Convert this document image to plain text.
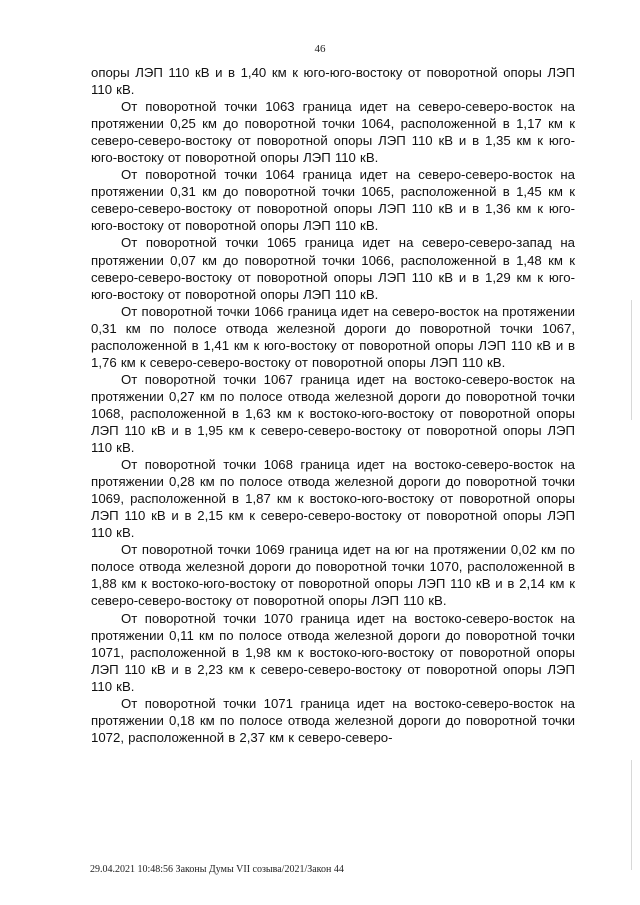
46

опоры ЛЭП 110 кВ и в 1,40 км к юго-юго-востоку от поворотной опоры ЛЭП 110 кВ.

От поворотной точки 1063 граница идет на северо-северо-восток на протяжении 0,25 км до поворотной точки 1064, расположенной в 1,17 км к северо-северо-востоку от поворотной опоры ЛЭП 110 кВ и в 1,35 км к юго-юго-востоку от поворотной опоры ЛЭП 110 кВ.

От поворотной точки 1064 граница идет на северо-северо-восток на протяжении 0,31 км до поворотной точки 1065, расположенной в 1,45 км к северо-северо-востоку от поворотной опоры ЛЭП 110 кВ и в 1,36 км к юго-юго-востоку от поворотной опоры ЛЭП 110 кВ.

От поворотной точки 1065 граница идет на северо-северо-запад на протяжении 0,07 км до поворотной точки 1066, расположенной в 1,48 км к северо-северо-востоку от поворотной опоры ЛЭП 110 кВ и в 1,29 км к юго-юго-востоку от поворотной опоры ЛЭП 110 кВ.

От поворотной точки 1066 граница идет на северо-восток на протяжении 0,31 км по полосе отвода железной дороги до поворотной точки 1067, расположенной в 1,41 км к юго-востоку от поворотной опоры ЛЭП 110 кВ и в 1,76 км к северо-северо-востоку от поворотной опоры ЛЭП 110 кВ.

От поворотной точки 1067 граница идет на востоко-северо-восток на протяжении 0,27 км по полосе отвода железной дороги до поворотной точки 1068, расположенной в 1,63 км к востоко-юго-востоку от поворотной опоры ЛЭП 110 кВ и в 1,95 км к северо-северо-востоку от поворотной опоры ЛЭП 110 кВ.

От поворотной точки 1068 граница идет на востоко-северо-восток на протяжении 0,28 км по полосе отвода железной дороги до поворотной точки 1069, расположенной в 1,87 км к востоко-юго-востоку от поворотной опоры ЛЭП 110 кВ и в 2,15 км к северо-северо-востоку от поворотной опоры ЛЭП 110 кВ.

От поворотной точки 1069 граница идет на юг на протяжении 0,02 км по полосе отвода железной дороги до поворотной точки 1070, расположенной в 1,88 км к востоко-юго-востоку от поворотной опоры ЛЭП 110 кВ и в 2,14 км к северо-северо-востоку от поворотной опоры ЛЭП 110 кВ.

От поворотной точки 1070 граница идет на востоко-северо-восток на протяжении 0,11 км по полосе отвода железной дороги до поворотной точки 1071, расположенной в 1,98 км к востоко-юго-востоку от поворотной опоры ЛЭП 110 кВ и в 2,23 км к северо-северо-востоку от поворотной опоры ЛЭП 110 кВ.

От поворотной точки 1071 граница идет на востоко-северо-восток на протяжении 0,18 км по полосе отвода железной дороги до поворотной точки 1072, расположенной в 2,37 км к северо-северо-

29.04.2021 10:48:56 Законы Думы VII созыва/2021/Закон 44
